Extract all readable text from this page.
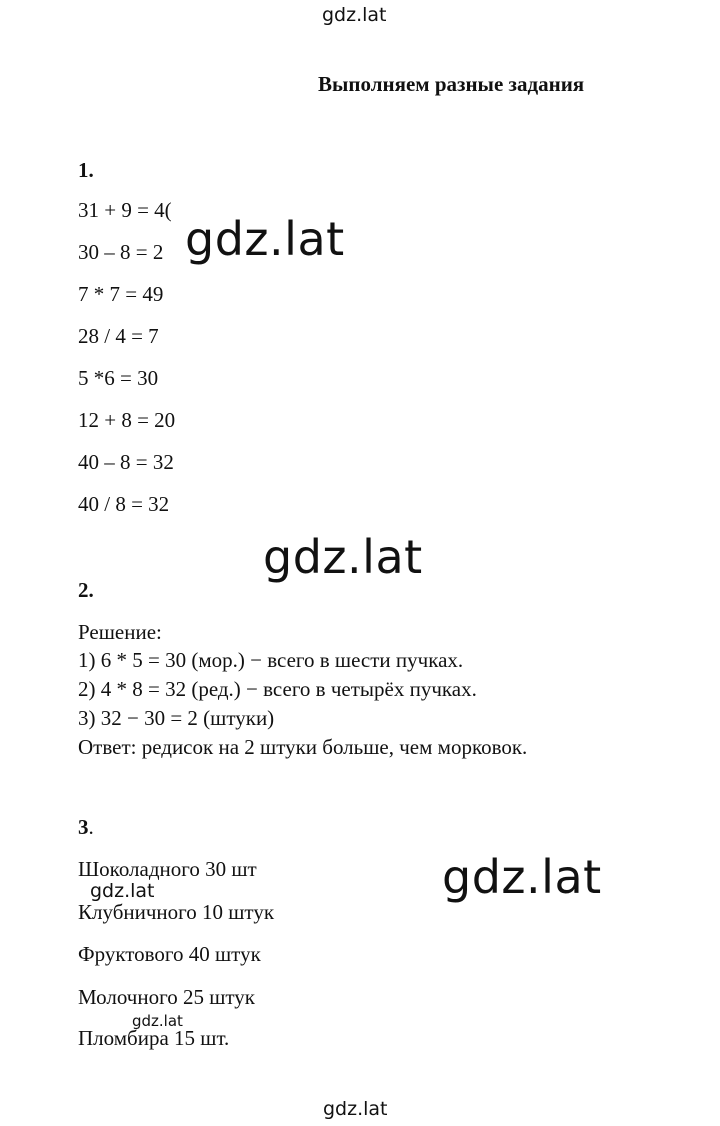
gdz.lat
gdz.lat
gdz.lat
gdz.lat
gdz.lat
gdz.lat
gdz.lat
Выполняем разные задания
1.
31 + 9 = 4(
30 – 8 = 2
7 * 7 = 49
28 / 4 = 7
5 *6 = 30
12 + 8 = 20
40 – 8 = 32
40 / 8 = 32
2.
Решение:
1) 6 * 5 = 30 (мор.) − всего в шести пучках.
2) 4 * 8 = 32 (ред.) − всего в четырёх пучках.
3) 32 − 30 = 2 (штуки)
Ответ: редисок на 2 штуки больше, чем морковок.
3.
Шоколадного 30 шт
Клубничного 10 штук
Фруктового 40 штук
Молочного 25 штук
Пломбира 15 шт.
